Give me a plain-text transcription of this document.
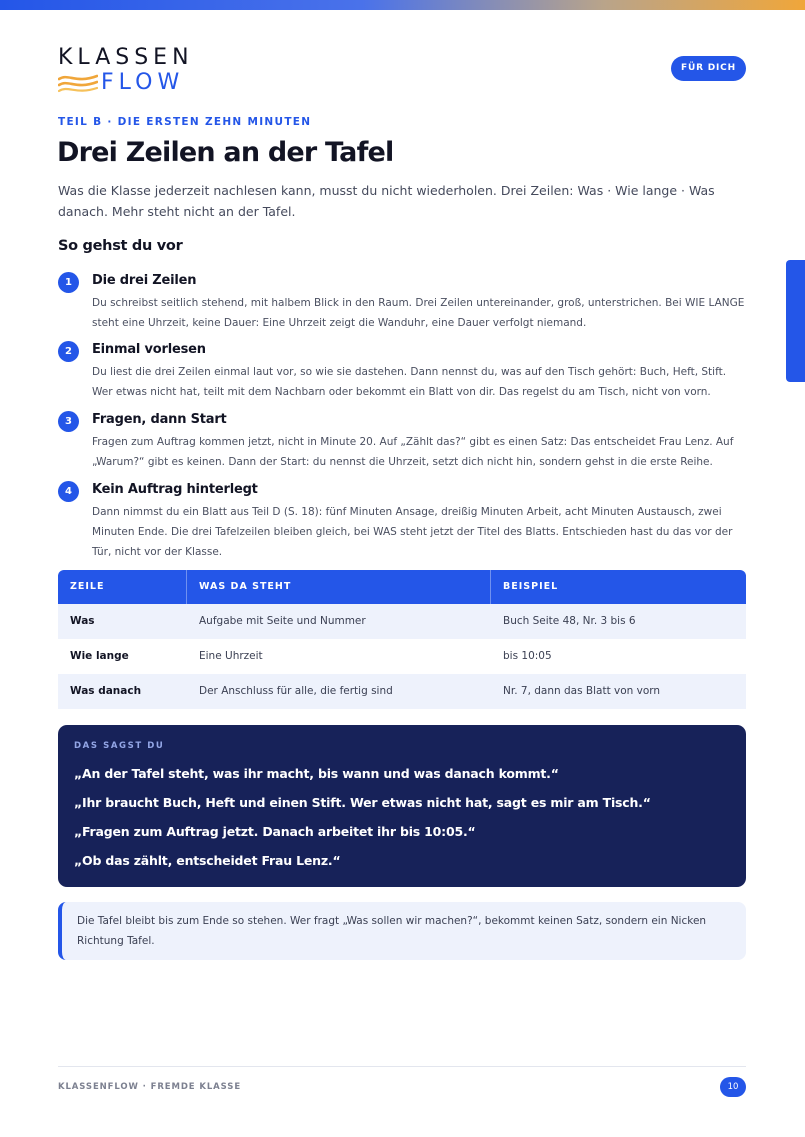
KLASSEN
FLOW
FÜR DICH
TEIL B · DIE ERSTEN ZEHN MINUTEN
Drei Zeilen an der Tafel

Was die Klasse jederzeit nachlesen kann, musst du nicht wiederholen. Drei Zeilen: Was · Wie lange · Was danach. Mehr steht nicht an der Tafel.

So gehst du vor
1	Die drei Zeilen
Du schreibst seitlich stehend, mit halbem Blick in den Raum. Drei Zeilen untereinander, groß, unterstrichen. Bei WIE LANGE steht eine Uhrzeit, keine Dauer: Eine Uhrzeit zeigt die Wanduhr, eine Dauer verfolgt niemand.
2	Einmal vorlesen
Du liest die drei Zeilen einmal laut vor, so wie sie dastehen. Dann nennst du, was auf den Tisch gehört: Buch, Heft, Stift. Wer etwas nicht hat, teilt mit dem Nachbarn oder bekommt ein Blatt von dir. Das regelst du am Tisch, nicht von vorn.
3	Fragen, dann Start
Fragen zum Auftrag kommen jetzt, nicht in Minute 20. Auf „Zählt das?“ gibt es einen Satz: Das entscheidet Frau Lenz. Auf „Warum?“ gibt es keinen. Dann der Start: du nennst die Uhrzeit, setzt dich nicht hin, sondern gehst in die erste Reihe.
4	Kein Auftrag hinterlegt
Dann nimmst du ein Blatt aus Teil D (S. 18): fünf Minuten Ansage, dreißig Minuten Arbeit, acht Minuten Austausch, zwei Minuten Ende. Die drei Tafelzeilen bleiben gleich, bei WAS steht jetzt der Titel des Blatts. Entschieden hast du das vor der Tür, nicht vor der Klasse.
ZEILE	WAS DA STEHT	BEISPIEL
Was	Aufgabe mit Seite und Nummer	Buch Seite 48, Nr. 3 bis 6
Wie lange	Eine Uhrzeit	bis 10:05
Was danach	Der Anschluss für alle, die fertig sind	Nr. 7, dann das Blatt von vorn
DAS SAGST DU
„An der Tafel steht, was ihr macht, bis wann und was danach kommt.“
„Ihr braucht Buch, Heft und einen Stift. Wer etwas nicht hat, sagt es mir am Tisch.“
„Fragen zum Auftrag jetzt. Danach arbeitet ihr bis 10:05.“
„Ob das zählt, entscheidet Frau Lenz.“
Die Tafel bleibt bis zum Ende so stehen. Wer fragt „Was sollen wir machen?“, bekommt keinen Satz, sondern ein Nicken Richtung Tafel.
KLASSENFLOW · FREMDE KLASSE	10
